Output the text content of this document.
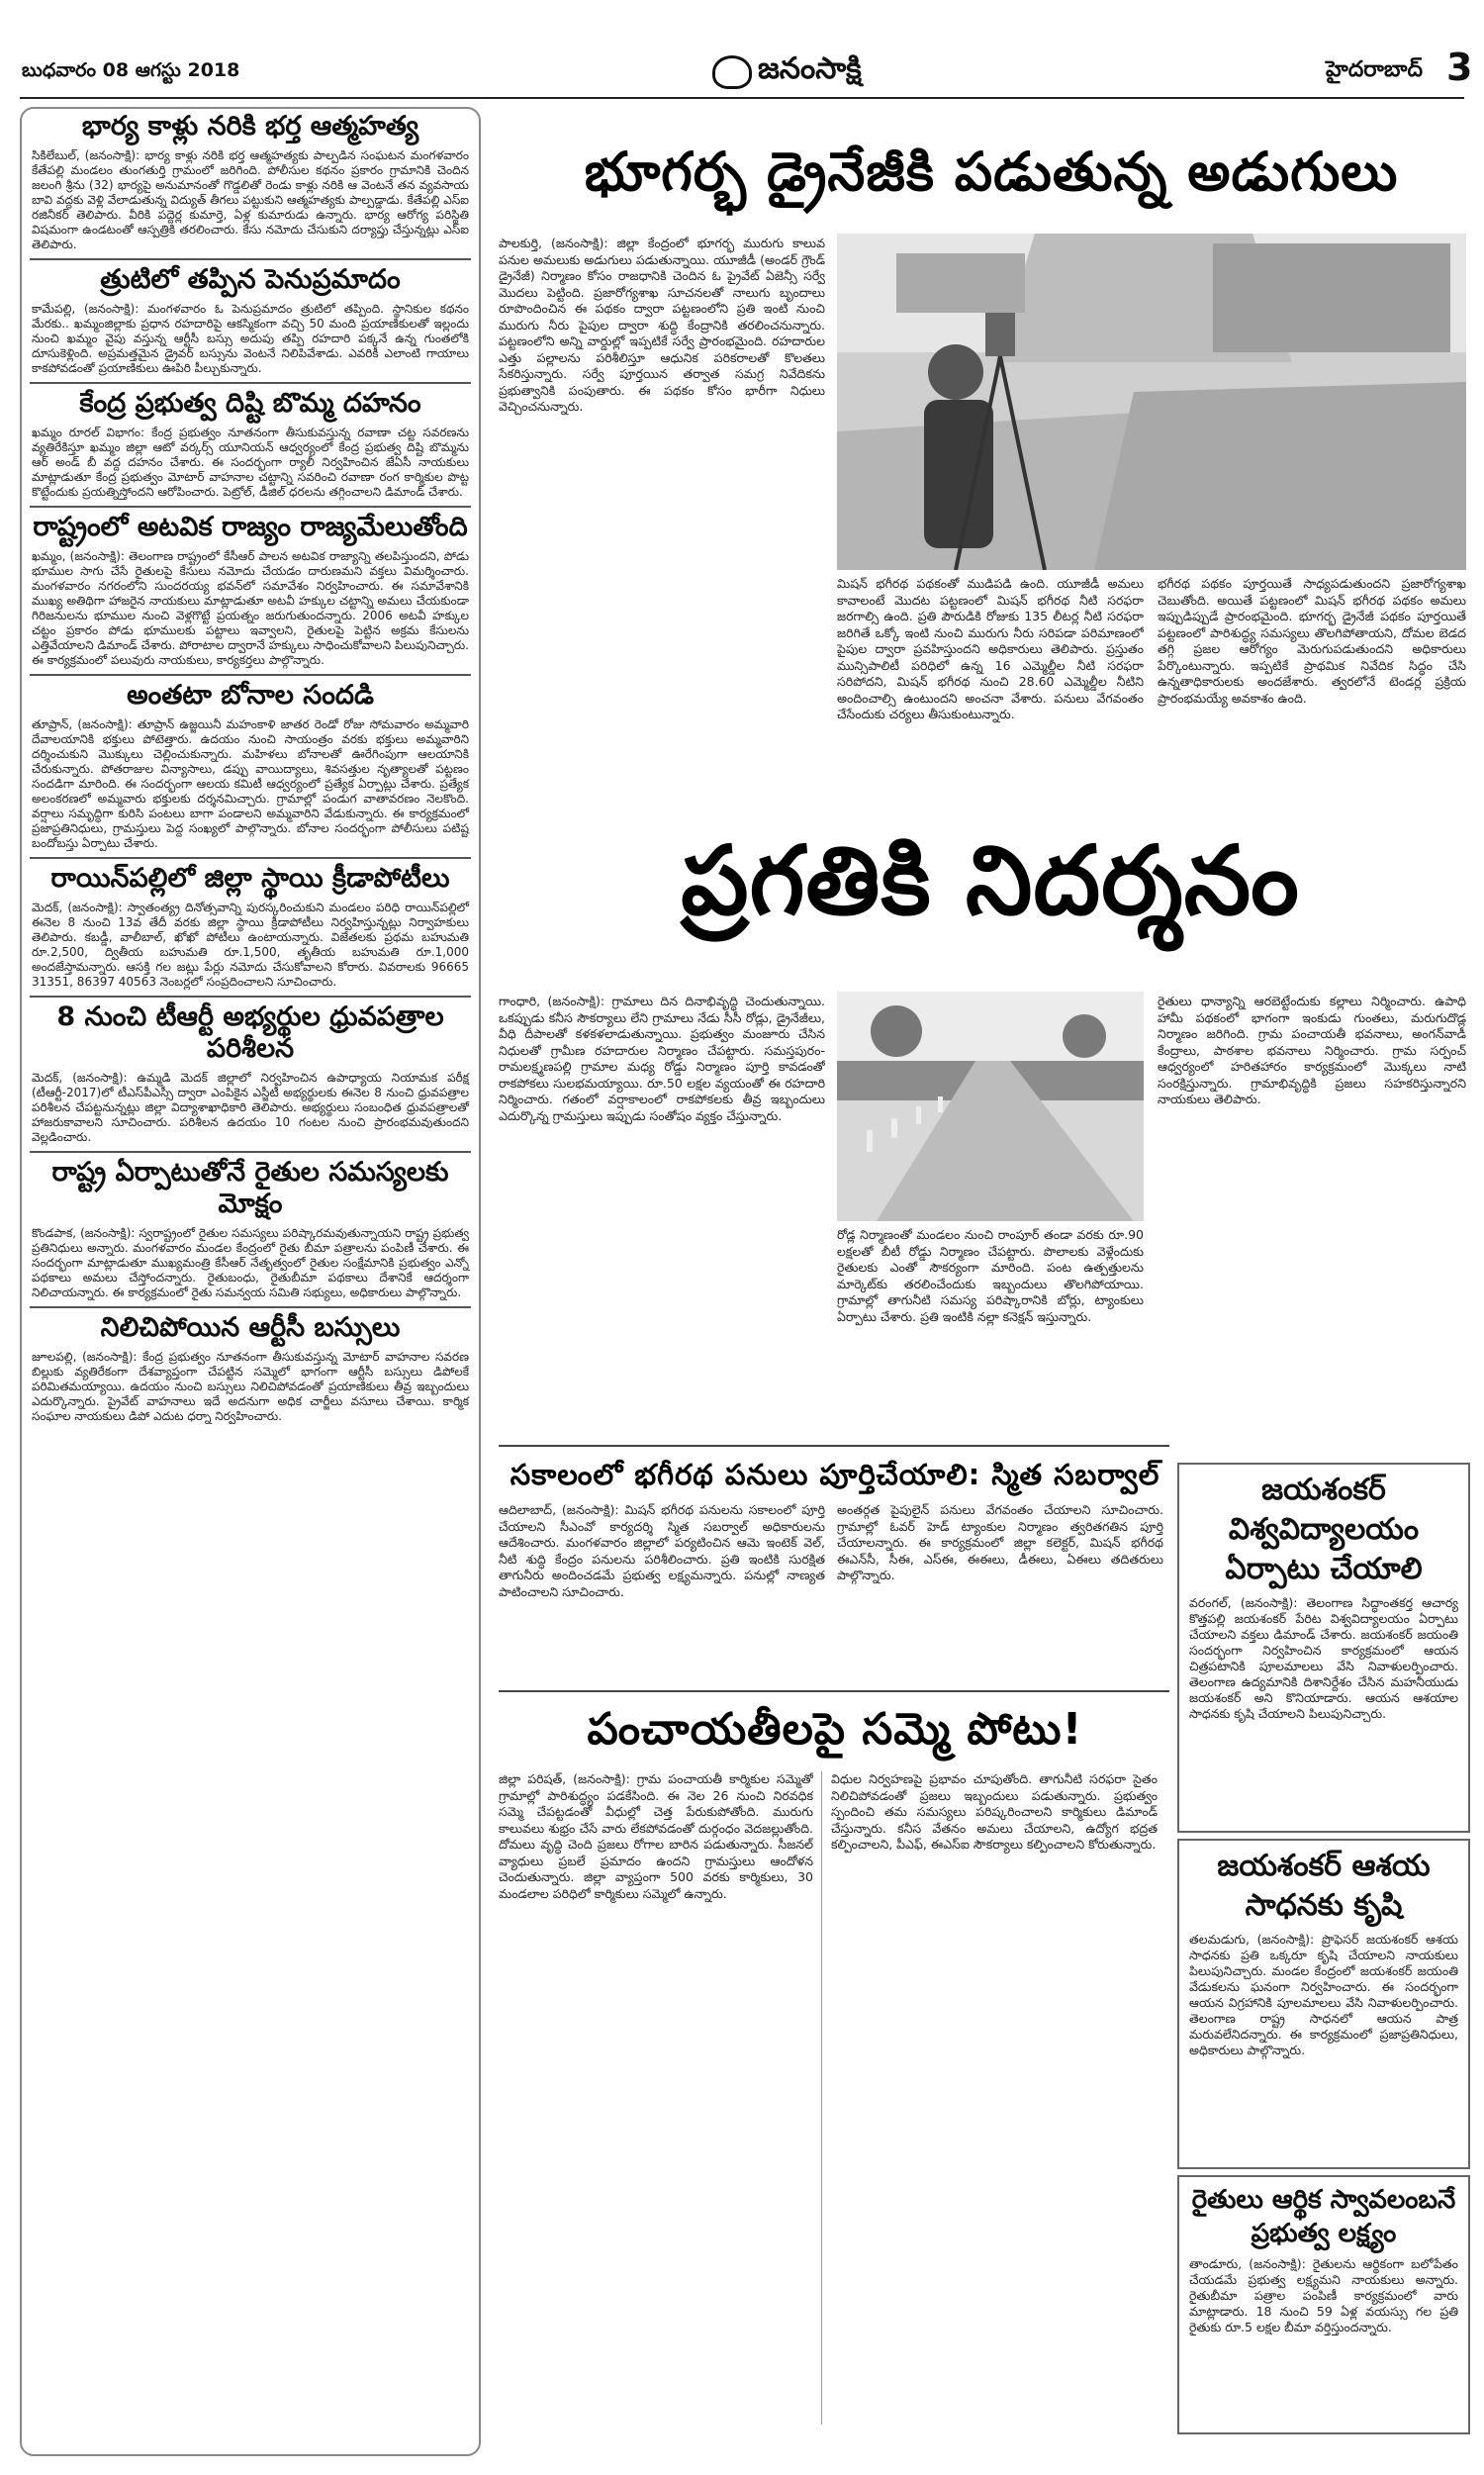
బుధవారం 08 ఆగస్టు 2018	జనంసాక్షి	హైదరాబాద్ 3
భార్య కాళ్లు నరికి భర్త ఆత్మహత్య
సికిలేబుల్, (జనంసాక్షి): భార్య కాళ్లు నరికి భర్త ఆత్మహత్యకు పాల్పడిన సంఘటన మంగళవారం కేతేపల్లి మండలం తుంగతుర్తి గ్రామంలో జరిగింది. పోలీసుల కథనం ప్రకారం గ్రామానికి చెందిన జలంగి శ్రీను (32) భార్యపై అనుమానంతో గొడ్డలితో రెండు కాళ్లు నరికి ఆ వెంటనే తన వ్యవసాయ బావి వద్దకు వెళ్లి వేలాడుతున్న విద్యుత్ తీగలు పట్టుకుని ఆత్మహత్యకు పాల్పడ్డాడు. కేతేపల్లి ఎస్‌ఐ రజినీకర్ తెలిపారు. వీరికి పద్దెర్ల కుమార్తె, ఏళ్ల కుమారుడు ఉన్నారు. భార్య ఆరోగ్య పరిస్థితి విషమంగా ఉండటంతో ఆస్పత్రికి తరలించారు. కేసు నమోదు చేసుకుని దర్యాప్తు చేస్తున్నట్లు ఎస్‌ఐ తెలిపారు.
త్రుటిలో తప్పిన పెనుప్రమాదం
కామేపల్లి, (జనంసాక్షి): మంగళవారం ఓ పెనుప్రమాదం త్రుటిలో తప్పింది. స్థానికుల కథనం మేరకు.. ఖమ్మంజిల్లాకు ప్రధాన రహదారిపై ఆకస్మికంగా వచ్చి 50 మంది ప్రయాణికులతో ఇల్లందు నుంచి ఖమ్మం వైపు వస్తున్న ఆర్టీసీ బస్సు అదుపు తప్పి రహదారి పక్కనే ఉన్న గుంతలోకి దూసుకెళ్లింది. అప్రమత్తమైన డ్రైవర్ బస్సును వెంటనే నిలిపివేశాడు. ఎవరికీ ఎలాంటి గాయాలు కాకపోవడంతో ప్రయాణికులు ఊపిరి పీల్చుకున్నారు.
కేంద్ర ప్రభుత్వ దిష్టి బొమ్మ దహనం
ఖమ్మం రూరల్ విభాగం: కేంద్ర ప్రభుత్వం నూతనంగా తీసుకువస్తున్న రవాణా చట్ట సవరణను వ్యతిరేకిస్తూ ఖమ్మం జిల్లా ఆటో వర్కర్స్ యూనియన్ ఆధ్వర్యంలో కేంద్ర ప్రభుత్వ దిష్టి బొమ్మను ఆర్ అండ్ బీ వద్ద దహనం చేశారు. ఈ సందర్భంగా ర్యాలీ నిర్వహించిన జేఏసీ నాయకులు మాట్లాడుతూ కేంద్ర ప్రభుత్వం మోటార్ వాహనాల చట్టాన్ని సవరించి రవాణా రంగ కార్మికుల పొట్ట కొట్టేందుకు ప్రయత్నిస్తోందని ఆరోపించారు. పెట్రోల్, డీజిల్ ధరలను తగ్గించాలని డిమాండ్ చేశారు.
రాష్ట్రంలో అటవిక రాజ్యం రాజ్యమేలుతోంది
ఖమ్మం, (జనంసాక్షి): తెలంగాణ రాష్ట్రంలో కేసీఆర్ పాలన అటవిక రాజ్యాన్ని తలపిస్తుందని, పోడు భూముల సాగు చేసే రైతులపై కేసులు నమోదు చేయడం దారుణమని వక్తలు విమర్శించారు. మంగళవారం నగరంలోని సుందరయ్య భవన్‌లో సమావేశం నిర్వహించారు. ఈ సమావేశానికి ముఖ్య అతిథిగా హాజరైన నాయకులు మాట్లాడుతూ అటవీ హక్కుల చట్టాన్ని అమలు చేయకుండా గిరిజనులను భూముల నుంచి వెళ్లగొట్టే ప్రయత్నం జరుగుతుందన్నారు. 2006 అటవీ హక్కుల చట్టం ప్రకారం పోడు భూములకు పట్టాలు ఇవ్వాలని, రైతులపై పెట్టిన అక్రమ కేసులను ఎత్తివేయాలని డిమాండ్ చేశారు. పోరాటాల ద్వారానే హక్కులు సాధించుకోవాలని పిలుపునిచ్చారు. ఈ కార్యక్రమంలో పలువురు నాయకులు, కార్యకర్తలు పాల్గొన్నారు.
అంతటా బోనాల సందడి
తూప్రాన్, (జనంసాక్షి): తూప్రాన్ ఉజ్జయినీ మహంకాళి జాతర రెండో రోజు సోమవారం అమ్మవారి దేవాలయానికి భక్తులు పోటెత్తారు. ఉదయం నుంచి సాయంత్రం వరకు భక్తులు అమ్మవారిని దర్శించుకుని మొక్కులు చెల్లించుకున్నారు. మహిళలు బోనాలతో ఊరేగింపుగా ఆలయానికి చేరుకున్నారు. పోతరాజుల విన్యాసాలు, డప్పు వాయిద్యాలు, శివసత్తుల నృత్యాలతో పట్టణం సందడిగా మారింది. ఈ సందర్భంగా ఆలయ కమిటీ ఆధ్వర్యంలో ప్రత్యేక ఏర్పాట్లు చేశారు. ప్రత్యేక అలంకరణలో అమ్మవారు భక్తులకు దర్శనమిచ్చారు. గ్రామాల్లో పండుగ వాతావరణం నెలకొంది. వర్షాలు సమృద్ధిగా కురిసి పంటలు బాగా పండాలని అమ్మవారిని వేడుకున్నారు. ఈ కార్యక్రమంలో ప్రజాప్రతినిధులు, గ్రామస్తులు పెద్ద సంఖ్యలో పాల్గొన్నారు. బోనాల సందర్భంగా పోలీసులు పటిష్ట బందోబస్తు ఏర్పాటు చేశారు.
రాయిన్‌పల్లిలో జిల్లా స్థాయి క్రీడాపోటీలు
మెదక్, (జనంసాక్షి): స్వాతంత్య్ర దినోత్సవాన్ని పురస్కరించుకుని మండలం పరిధి రాయిన్‌పల్లిలో ఈనెల 8 నుంచి 13వ తేదీ వరకు జిల్లా స్థాయి క్రీడాపోటీలు నిర్వహిస్తున్నట్లు నిర్వాహకులు తెలిపారు. కబడ్డీ, వాలీబాల్, ఖోఖో పోటీలు ఉంటాయన్నారు. విజేతలకు ప్రథమ బహుమతి రూ.2,500, ద్వితీయ బహుమతి రూ.1,500, తృతీయ బహుమతి రూ.1,000 అందజేస్తామన్నారు. ఆసక్తి గల జట్లు పేర్లు నమోదు చేసుకోవాలని కోరారు. వివరాలకు 96665 31351, 86397 40563 నెంబర్లలో సంప్రదించాలని సూచించారు.
8 నుంచి టీఆర్టీ అభ్యర్థుల ధ్రువపత్రాల పరిశీలన
మెదక్, (జనంసాక్షి): ఉమ్మడి మెదక్ జిల్లాలో నిర్వహించిన ఉపాధ్యాయ నియామక పరీక్ష (టీఆర్టీ-2017)లో టీఎస్‌పీఎస్సీ ద్వారా ఎంపికైన ఎస్జీటీ అభ్యర్థులకు ఈనెల 8 నుంచి ధ్రువపత్రాల పరిశీలన చేపట్టనున్నట్లు జిల్లా విద్యాశాఖాధికారి తెలిపారు. అభ్యర్థులు సంబంధిత ధ్రువపత్రాలతో హాజరుకావాలని సూచించారు. పరిశీలన ఉదయం 10 గంటల నుంచి ప్రారంభమవుతుందని వెల్లడించారు.
రాష్ట్ర ఏర్పాటుతోనే రైతుల సమస్యలకు మోక్షం
కొండపాక, (జనంసాక్షి): స్వరాష్ట్రంలో రైతుల సమస్యలు పరిష్కారమవుతున్నాయని రాష్ట్ర ప్రభుత్వ ప్రతినిధులు అన్నారు. మంగళవారం మండల కేంద్రంలో రైతు బీమా పత్రాలను పంపిణీ చేశారు. ఈ సందర్భంగా మాట్లాడుతూ ముఖ్యమంత్రి కేసీఆర్ నేతృత్వంలో రైతుల సంక్షేమానికి ప్రభుత్వం ఎన్నో పథకాలు అమలు చేస్తోందన్నారు. రైతుబంధు, రైతుబీమా పథకాలు దేశానికే ఆదర్శంగా నిలిచాయన్నారు. ఈ కార్యక్రమంలో రైతు సమన్వయ సమితి సభ్యులు, అధికారులు పాల్గొన్నారు.
నిలిచిపోయిన ఆర్టీసీ బస్సులు
జూలపల్లి, (జనంసాక్షి): కేంద్ర ప్రభుత్వం నూతనంగా తీసుకువస్తున్న మోటార్ వాహనాల సవరణ బిల్లుకు వ్యతిరేకంగా దేశవ్యాప్తంగా చేపట్టిన సమ్మెలో భాగంగా ఆర్టీసీ బస్సులు డిపోలకే పరిమితమయ్యాయి. ఉదయం నుంచి బస్సులు నిలిచిపోవడంతో ప్రయాణికులు తీవ్ర ఇబ్బందులు ఎదుర్కొన్నారు. ప్రైవేట్ వాహనాలు ఇదే అదనుగా అధిక చార్జీలు వసూలు చేశాయి. కార్మిక సంఘాల నాయకులు డిపో ఎదుట ధర్నా నిర్వహించారు.
భూగర్భ డ్రైనేజీకి పడుతున్న అడుగులు
పాలకుర్తి, (జనంసాక్షి): జిల్లా కేంద్రంలో భూగర్భ మురుగు కాలువ పనుల అమలుకు అడుగులు పడుతున్నాయి. యూజీడీ (అండర్ గ్రౌండ్ డ్రైనేజీ) నిర్మాణం కోసం రాజధానికి చెందిన ఓ ప్రైవేట్ ఏజెన్సీ సర్వే మొదలు పెట్టింది. ప్రజారోగ్యశాఖ సూచనలతో నాలుగు బృందాలు రూపొందించిన ఈ పథకం ద్వారా పట్టణంలోని ప్రతి ఇంటి నుంచి మురుగు నీరు పైపుల ద్వారా శుద్ధి కేంద్రానికి తరలించనున్నారు. పట్టణంలోని అన్ని వార్డుల్లో ఇప్పటికే సర్వే ప్రారంభమైంది. రహదారుల ఎత్తు పల్లాలను పరిశీలిస్తూ ఆధునిక పరికరాలతో కొలతలు సేకరిస్తున్నారు. సర్వే పూర్తయిన తర్వాత సమగ్ర నివేదికను ప్రభుత్వానికి పంపుతారు. ఈ పథకం కోసం భారీగా నిధులు వెచ్చించనున్నారు.
మిషన్ భగీరథ పథకంతో ముడిపడి ఉంది. యూజీడీ అమలు కావాలంటే మొదట పట్టణంలో మిషన్ భగీరథ నీటి సరఫరా జరగాల్సి ఉంది. ప్రతి పౌరుడికి రోజుకు 135 లీటర్ల నీటి సరఫరా జరిగితే ఒక్కో ఇంటి నుంచి మురుగు నీరు సరిపడా పరిమాణంలో పైపుల ద్వారా ప్రవహిస్తుందని అధికారులు తెలిపారు. ప్రస్తుతం మున్సిపాలిటీ పరిధిలో ఉన్న 16 ఎమ్మెల్డీల నీటి సరఫరా సరిపోదని, మిషన్ భగీరథ నుంచి 28.60 ఎమ్మెల్డీల నీటిని అందించాల్సి ఉంటుందని అంచనా వేశారు. పనులు వేగవంతం చేసేందుకు చర్యలు తీసుకుంటున్నారు.
భగీరథ పథకం పూర్తయితే సాధ్యపడుతుందని ప్రజారోగ్యశాఖ చెబుతోంది. అయితే పట్టణంలో మిషన్ భగీరథ పథకం అమలు ఇప్పుడిప్పుడే ప్రారంభమైంది. భూగర్భ డ్రైనేజీ పథకం పూర్తయితే పట్టణంలో పారిశుద్ధ్య సమస్యలు తొలగిపోతాయని, దోమల బెడద తగ్గి ప్రజల ఆరోగ్యం మెరుగుపడుతుందని అధికారులు పేర్కొంటున్నారు. ఇప్పటికే ప్రాథమిక నివేదిక సిద్ధం చేసి ఉన్నతాధికారులకు అందజేశారు. త్వరలోనే టెండర్ల ప్రక్రియ ప్రారంభమయ్యే అవకాశం ఉంది.
ప్రగతికి నిదర్శనం
గాంధారి, (జనంసాక్షి): గ్రామాలు దిన దినాభివృద్ధి చెందుతున్నాయి. ఒకప్పుడు కనీస సౌకర్యాలు లేని గ్రామాలు నేడు సీసీ రోడ్లు, డ్రైనేజీలు, వీధి దీపాలతో కళకళలాడుతున్నాయి. ప్రభుత్వం మంజూరు చేసిన నిధులతో గ్రామీణ రహదారుల నిర్మాణం చేపట్టారు. సమస్తపురం-రామలక్ష్మణపల్లి గ్రామాల మధ్య రోడ్డు నిర్మాణం పూర్తి కావడంతో రాకపోకలు సులభమయ్యాయి. రూ.50 లక్షల వ్యయంతో ఈ రహదారి నిర్మించారు. గతంలో వర్షాకాలంలో రాకపోకలకు తీవ్ర ఇబ్బందులు ఎదుర్కొన్న గ్రామస్తులు ఇప్పుడు సంతోషం వ్యక్తం చేస్తున్నారు.
రోడ్ల నిర్మాణంతో మండలం నుంచి రాంపూర్ తండా వరకు రూ.90 లక్షలతో బీటీ రోడ్డు నిర్మాణం చేపట్టారు. పొలాలకు వెళ్లేందుకు రైతులకు ఎంతో సౌకర్యంగా మారింది. పంట ఉత్పత్తులను మార్కెట్‌కు తరలించేందుకు ఇబ్బందులు తొలగిపోయాయి. గ్రామాల్లో తాగునీటి సమస్య పరిష్కారానికి బోర్లు, ట్యాంకులు ఏర్పాటు చేశారు. ప్రతి ఇంటికి నల్లా కనెక్షన్ ఇస్తున్నారు.
రైతులు ధాన్యాన్ని ఆరబెట్టేందుకు కల్లాలు నిర్మించారు. ఉపాధి హామీ పథకంలో భాగంగా ఇంకుడు గుంతలు, మరుగుదొడ్ల నిర్మాణం జరిగింది. గ్రామ పంచాయతీ భవనాలు, అంగన్‌వాడీ కేంద్రాలు, పాఠశాల భవనాలు నిర్మించారు. గ్రామ సర్పంచ్ ఆధ్వర్యంలో హరితహారం కార్యక్రమంలో మొక్కలు నాటి సంరక్షిస్తున్నారు. గ్రామాభివృద్ధికి ప్రజలు సహకరిస్తున్నారని నాయకులు తెలిపారు.
సకాలంలో భగీరథ పనులు పూర్తిచేయాలి: స్మిత సబర్వాల్
ఆదిలాబాద్, (జనంసాక్షి): మిషన్ భగీరథ పనులను సకాలంలో పూర్తి చేయాలని సీఎంవో కార్యదర్శి స్మిత సబర్వాల్ అధికారులను ఆదేశించారు. మంగళవారం జిల్లాలో పర్యటించిన ఆమె ఇంటెక్ వెల్, నీటి శుద్ధి కేంద్రం పనులను పరిశీలించారు. ప్రతి ఇంటికి సురక్షిత తాగునీరు అందించడమే ప్రభుత్వ లక్ష్యమన్నారు. పనుల్లో నాణ్యత పాటించాలని సూచించారు.
అంతర్గత పైపులైన్ పనులు వేగవంతం చేయాలని సూచించారు. గ్రామాల్లో ఓవర్ హెడ్ ట్యాంకుల నిర్మాణం త్వరితగతిన పూర్తి చేయాలన్నారు. ఈ కార్యక్రమంలో జిల్లా కలెక్టర్, మిషన్ భగీరథ ఈఎన్‌సీ, సీఈ, ఎస్‌ఈ, ఈఈలు, డీఈలు, ఏఈలు తదితరులు పాల్గొన్నారు.
పంచాయతీలపై సమ్మె పోటు!
జిల్లా పరిషత్, (జనంసాక్షి): గ్రామ పంచాయతీ కార్మికుల సమ్మెతో గ్రామాల్లో పారిశుద్ధ్యం పడకేసింది. ఈ నెల 26 నుంచి నిరవధిక సమ్మె చేపట్టడంతో వీధుల్లో చెత్త పేరుకుపోతోంది. మురుగు కాలువలు శుభ్రం చేసే వారు లేకపోవడంతో దుర్గంధం వెదజల్లుతోంది. దోమలు వృద్ధి చెంది ప్రజలు రోగాల బారిన పడుతున్నారు. సీజనల్ వ్యాధులు ప్రబలే ప్రమాదం ఉందని గ్రామస్తులు ఆందోళన చెందుతున్నారు. జిల్లా వ్యాప్తంగా 500 వరకు కార్మికులు, 30 మండలాల పరిధిలో కార్మికులు సమ్మెలో ఉన్నారు.
విధుల నిర్వహణపై ప్రభావం చూపుతోంది. తాగునీటి సరఫరా సైతం నిలిచిపోవడంతో ప్రజలు ఇబ్బందులు పడుతున్నారు. ప్రభుత్వం స్పందించి తమ సమస్యలు పరిష్కరించాలని కార్మికులు డిమాండ్ చేస్తున్నారు. కనీస వేతనం అమలు చేయాలని, ఉద్యోగ భద్రత కల్పించాలని, పీఎఫ్, ఈఎస్ఐ సౌకర్యాలు కల్పించాలని కోరుతున్నారు.
జయశంకర్ విశ్వవిద్యాలయం ఏర్పాటు చేయాలి
వరంగల్, (జనంసాక్షి): తెలంగాణ సిద్ధాంతకర్త ఆచార్య కొత్తపల్లి జయశంకర్ పేరిట విశ్వవిద్యాలయం ఏర్పాటు చేయాలని వక్తలు డిమాండ్ చేశారు. జయశంకర్ జయంతి సందర్భంగా నిర్వహించిన కార్యక్రమంలో ఆయన చిత్రపటానికి పూలమాలలు వేసి నివాళులర్పించారు. తెలంగాణ ఉద్యమానికి దిశానిర్దేశం చేసిన మహనీయుడు జయశంకర్ అని కొనియాడారు. ఆయన ఆశయాల సాధనకు కృషి చేయాలని పిలుపునిచ్చారు.
జయశంకర్ ఆశయ సాధనకు కృషి
తలమడుగు, (జనంసాక్షి): ప్రొఫెసర్ జయశంకర్ ఆశయ సాధనకు ప్రతి ఒక్కరూ కృషి చేయాలని నాయకులు పిలుపునిచ్చారు. మండల కేంద్రంలో జయశంకర్ జయంతి వేడుకలను ఘనంగా నిర్వహించారు. ఈ సందర్భంగా ఆయన విగ్రహానికి పూలమాలలు వేసి నివాళులర్పించారు. తెలంగాణ రాష్ట్ర సాధనలో ఆయన పాత్ర మరువలేనిదన్నారు. ఈ కార్యక్రమంలో ప్రజాప్రతినిధులు, అధికారులు పాల్గొన్నారు.
రైతులు ఆర్థిక స్వావలంబనే ప్రభుత్వ లక్ష్యం
తాండూరు, (జనంసాక్షి): రైతులను ఆర్థికంగా బలోపేతం చేయడమే ప్రభుత్వ లక్ష్యమని నాయకులు అన్నారు. రైతుబీమా పత్రాల పంపిణీ కార్యక్రమంలో వారు మాట్లాడారు. 18 నుంచి 59 ఏళ్ల వయస్సు గల ప్రతి రైతుకు రూ.5 లక్షల బీమా వర్తిస్తుందన్నారు.
